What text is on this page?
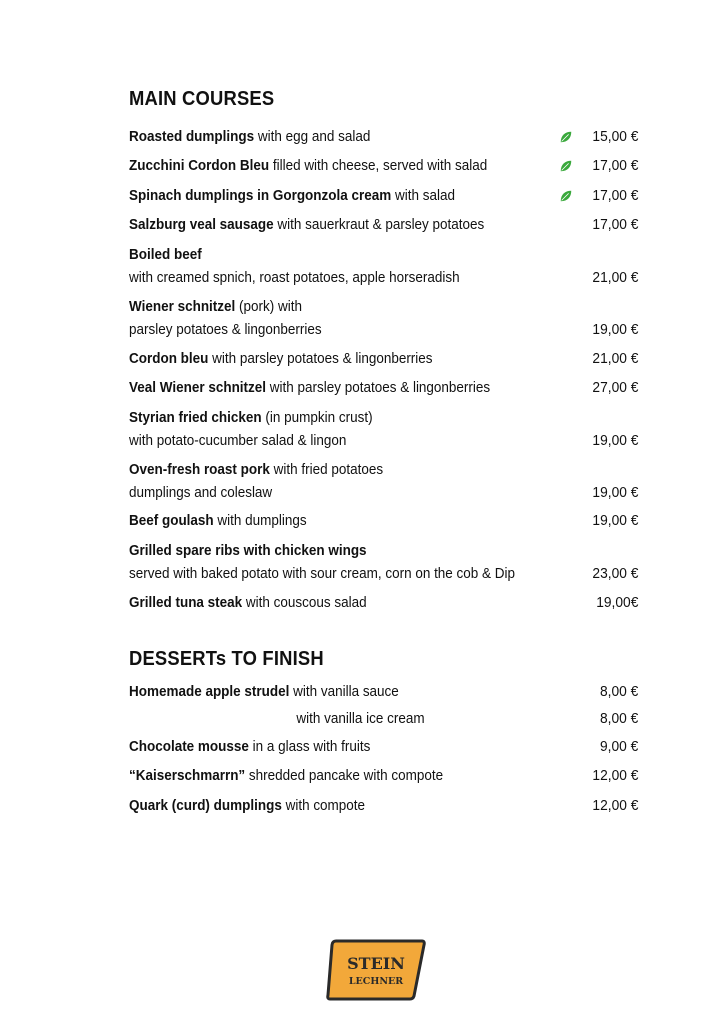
MAIN COURSES
Roasted dumplings with egg and salad	15,00 €
Zucchini Cordon Bleu filled with cheese, served with salad	17,00 €
Spinach dumplings in Gorgonzola cream with salad	17,00 €
Salzburg veal sausage with sauerkraut & parsley potatoes	17,00 €
Boiled beef
with creamed spnich, roast potatoes, apple horseradish	21,00 €
Wiener schnitzel (pork) with
parsley potatoes & lingonberries	19,00 €
Cordon bleu with parsley potatoes & lingonberries	21,00 €
Veal Wiener schnitzel with parsley potatoes & lingonberries	27,00 €
Styrian fried chicken (in pumpkin crust)
with potato-cucumber salad & lingon	19,00 €
Oven-fresh roast pork with fried potatoes
dumplings and coleslaw	19,00 €
Beef goulash with dumplings	19,00 €
Grilled spare ribs with chicken wings
served with baked potato with sour cream, corn on the cob & Dip	23,00 €
Grilled tuna steak with couscous salad	19,00€
DESSERTs TO FINISH
Homemade apple strudel with vanilla sauce	8,00 €
with vanilla ice cream	8,00 €
Chocolate mousse in a glass with fruits	9,00 €
“Kaiserschmarrn” shredded pancake with compote	12,00 €
Quark (curd) dumplings with compote	12,00 €
STEIN
LECHNER
